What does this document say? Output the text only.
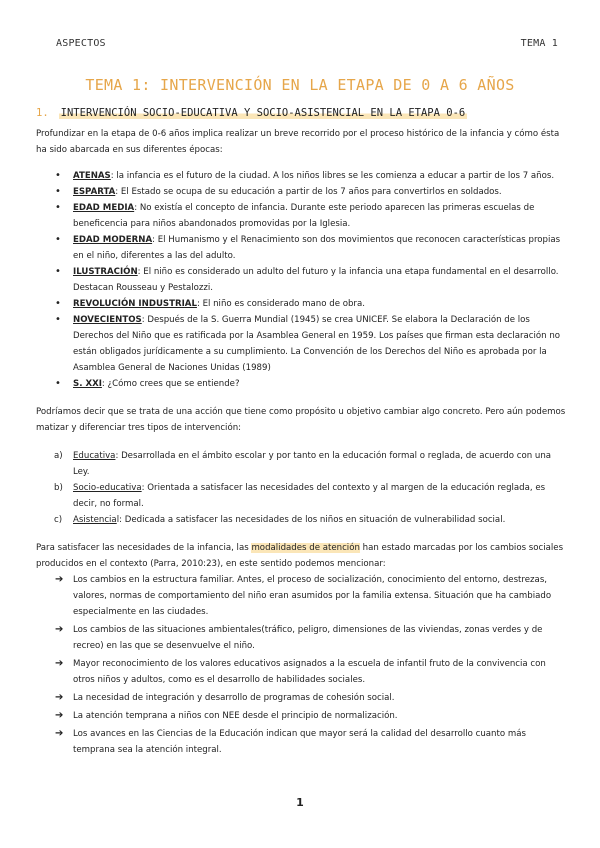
ASPECTOS	TEMA 1
TEMA 1: INTERVENCIÓN EN LA ETAPA DE 0 A 6 AÑOS
1. INTERVENCIÓN SOCIO-EDUCATIVA Y SOCIO-ASISTENCIAL EN LA ETAPA 0-6

Profundizar en la etapa de 0-6 años implica realizar un breve recorrido por el proceso histórico de la infancia y cómo ésta ha sido abarcada en sus diferentes épocas:

• ATENAS: la infancia es el futuro de la ciudad. A los niños libres se les comienza a educar a partir de los 7 años.
• ESPARTA: El Estado se ocupa de su educación a partir de los 7 años para convertirlos en soldados.
• EDAD MEDIA: No existía el concepto de infancia. Durante este periodo aparecen las primeras escuelas de beneficencia para niños abandonados promovidas por la Iglesia.
• EDAD MODERNA: El Humanismo y el Renacimiento son dos movimientos que reconocen características propias en el niño, diferentes a las del adulto.
• ILUSTRACIÓN: El niño es considerado un adulto del futuro y la infancia una etapa fundamental en el desarrollo. Destacan Rousseau y Pestalozzi.
• REVOLUCIÓN INDUSTRIAL: El niño es considerado mano de obra.
• NOVECIENTOS: Después de la S. Guerra Mundial (1945) se crea UNICEF. Se elabora la Declaración de los Derechos del Niño que es ratificada por la Asamblea General en 1959. Los países que firman esta declaración no están obligados jurídicamente a su cumplimiento. La Convención de los Derechos del Niño es aprobada por la Asamblea General de Naciones Unidas (1989)
• S. XXI: ¿Cómo crees que se entiende?

Podríamos decir que se trata de una acción que tiene como propósito u objetivo cambiar algo concreto. Pero aún podemos matizar y diferenciar tres tipos de intervención:

a) Educativa: Desarrollada en el ámbito escolar y por tanto en la educación formal o reglada, de acuerdo con una Ley.
b) Socio-educativa: Orientada a satisfacer las necesidades del contexto y al margen de la educación reglada, es decir, no formal.
c) Asistencial: Dedicada a satisfacer las necesidades de los niños en situación de vulnerabilidad social.

Para satisfacer las necesidades de la infancia, las modalidades de atención han estado marcadas por los cambios sociales producidos en el contexto (Parra, 2010:23), en este sentido podemos mencionar:

➔ Los cambios en la estructura familiar. Antes, el proceso de socialización, conocimiento del entorno, destrezas, valores, normas de comportamiento del niño eran asumidos por la familia extensa. Situación que ha cambiado especialmente en las ciudades.
➔ Los cambios de las situaciones ambientales(tráfico, peligro, dimensiones de las viviendas, zonas verdes y de recreo) en las que se desenvuelve el niño.
➔ Mayor reconocimiento de los valores educativos asignados a la escuela de infantil fruto de la convivencia con otros niños y adultos, como es el desarrollo de habilidades sociales.
➔ La necesidad de integración y desarrollo de programas de cohesión social.
➔ La atención temprana a niños con NEE desde el principio de normalización.
➔ Los avances en las Ciencias de la Educación indican que mayor será la calidad del desarrollo cuanto más temprana sea la atención integral.
1
